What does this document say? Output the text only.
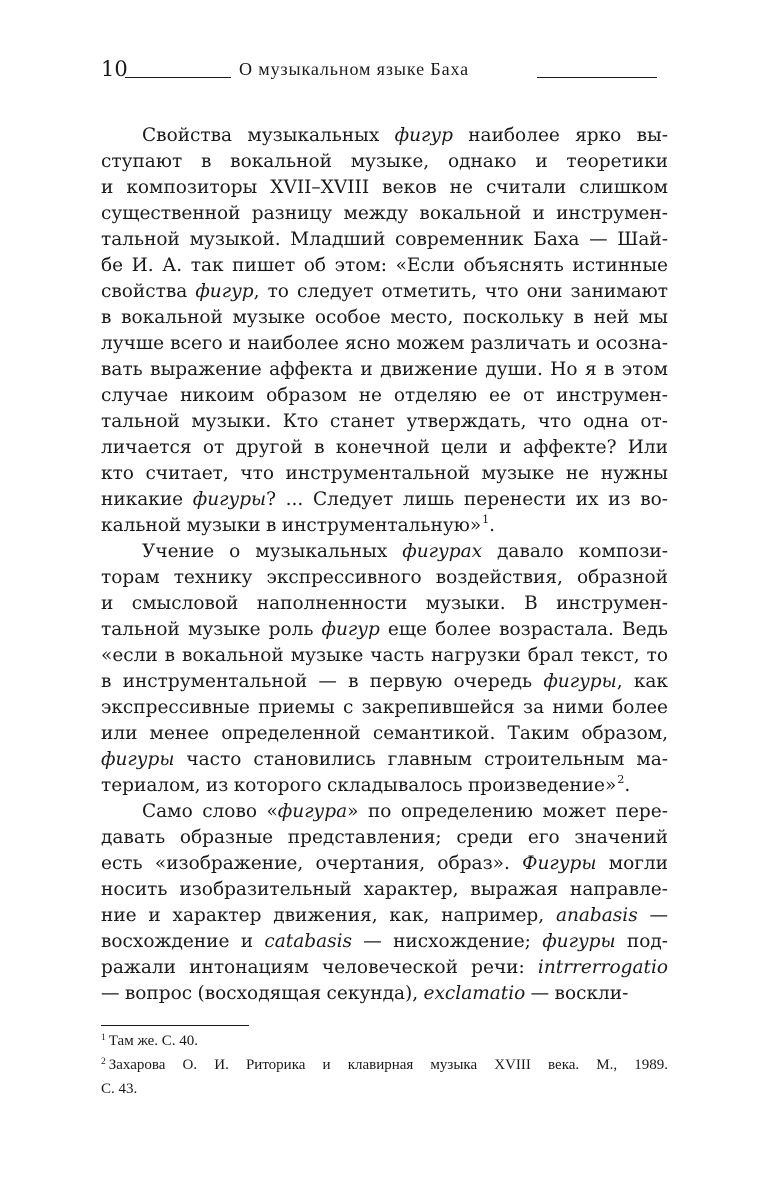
10	О музыкальном языке Баха
Свойства музыкальных фигур наиболее ярко вы-
ступают в вокальной музыке, однако и теоретики
и композиторы XVII–XVIII веков не считали слишком
существенной разницу между вокальной и инструмен-
тальной музыкой. Младший современник Баха — Шай-
бе И. А. так пишет об этом: «Если объяснять истинные
свойства фигур, то следует отметить, что они занимают
в вокальной музыке особое место, поскольку в ней мы
лучше всего и наиболее ясно можем различать и осозна-
вать выражение аффекта и движение души. Но я в этом
случае никоим образом не отделяю ее от инструмен-
тальной музыки. Кто станет утверждать, что одна от-
личается от другой в конечной цели и аффекте? Или
кто считает, что инструментальной музыке не нужны
никакие фигуры? ... Следует лишь перенести их из во-
кальной музыки в инструментальную»$^1$.
Учение о музыкальных фигурах давало компози-
торам технику экспрессивного воздействия, образной
и смысловой наполненности музыки. В инструмен-
тальной музыке роль фигур еще более возрастала. Ведь
«если в вокальной музыке часть нагрузки брал текст, то
в инструментальной — в первую очередь фигуры, как
экспрессивные приемы с закрепившейся за ними более
или менее определенной семантикой. Таким образом,
фигуры часто становились главным строительным ма-
териалом, из которого складывалось произведение»$^2$.
Само слово «фигура» по определению может пере-
давать образные представления; среди его значений
есть «изображение, очертания, образ». Фигуры могли
носить изобразительный характер, выражая направле-
ние и характер движения, как, например, anabasis —
восхождение и catabasis — нисхождение; фигуры под-
ражали интонациям человеческой речи: intrrerrogatio
— вопрос (восходящая секунда), exclamatio — воскли-
$^1$ Там же. С. 40.
$^2$ Захарова О. И. Риторика и клавирная музыка XVIII века. М., 1989.
С. 43.
